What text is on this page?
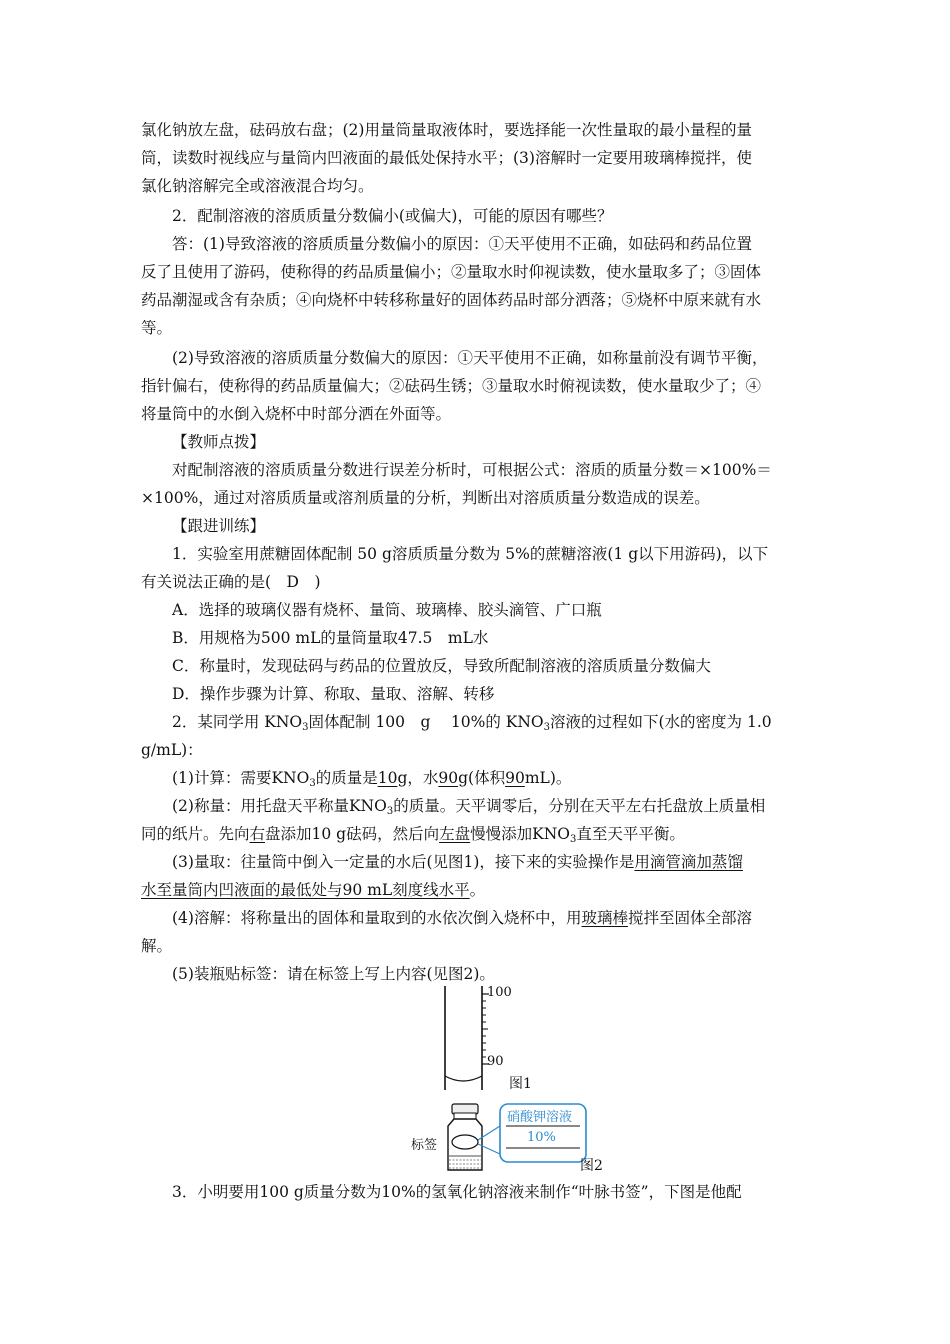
氯化钠放左盘，砝码放右盘；(2)用量筒量取液体时，要选择能一次性量取的最小量程的量
筒，读数时视线应与量筒内凹液面的最低处保持水平；(3)溶解时一定要用玻璃棒搅拌，使
氯化钠溶解完全或溶液混合均匀。
2．配制溶液的溶质质量分数偏小(或偏大)，可能的原因有哪些？
答：(1)导致溶液的溶质质量分数偏小的原因：①天平使用不正确，如砝码和药品位置
反了且使用了游码，使称得的药品质量偏小；②量取水时仰视读数，使水量取多了；③固体
药品潮湿或含有杂质；④向烧杯中转移称量好的固体药品时部分洒落；⑤烧杯中原来就有水
等。
(2)导致溶液的溶质质量分数偏大的原因：①天平使用不正确，如称量前没有调节平衡，
指针偏右，使称得的药品质量偏大；②砝码生锈；③量取水时俯视读数，使水量取少了；④
将量筒中的水倒入烧杯中时部分洒在外面等。
【教师点拨】
对配制溶液的溶质质量分数进行误差分析时，可根据公式：溶质的质量分数＝×100%＝
×100%，通过对溶质质量或溶剂质量的分析，判断出对溶质质量分数造成的误差。
【跟进训练】
1．实验室用蔗糖固体配制 50 g溶质质量分数为 5%的蔗糖溶液(1 g以下用游码)，以下
有关说法正确的是(　D　)
A．选择的玻璃仪器有烧杯、量筒、玻璃棒、胶头滴管、广口瓶
B．用规格为500 mL的量筒量取47.5　mL水
C．称量时，发现砝码与药品的位置放反，导致所配制溶液的溶质质量分数偏大
D．操作步骤为计算、称取、量取、溶解、转移
2．某同学用 $KNO_3$固体配制 100　g　 10%的 $KNO_3$溶液的过程如下(水的密度为 1.0
g/mL)：
(1)计算：需要$KNO_3$的质量是10g，水90g(体积90mL)。
(2)称量：用托盘天平称量$KNO_3$的质量。天平调零后，分别在天平左右托盘放上质量相
同的纸片。先向右盘添加10 g砝码，然后向左盘慢慢添加$KNO_3$直至天平平衡。
(3)量取：往量筒中倒入一定量的水后(见图1)，接下来的实验操作是用滴管滴加蒸馏
水至量筒内凹液面的最低处与90 mL刻度线水平。
(4)溶解：将称量出的固体和量取到的水依次倒入烧杯中，用玻璃棒搅拌至固体全部溶
解。
(5)装瓶贴标签：请在标签上写上内容(见图2)。
100
90
图1
标签
硝酸钾溶液
10%
图2
3．小明要用100 g质量分数为10%的氢氧化钠溶液来制作“叶脉书签”，下图是他配
